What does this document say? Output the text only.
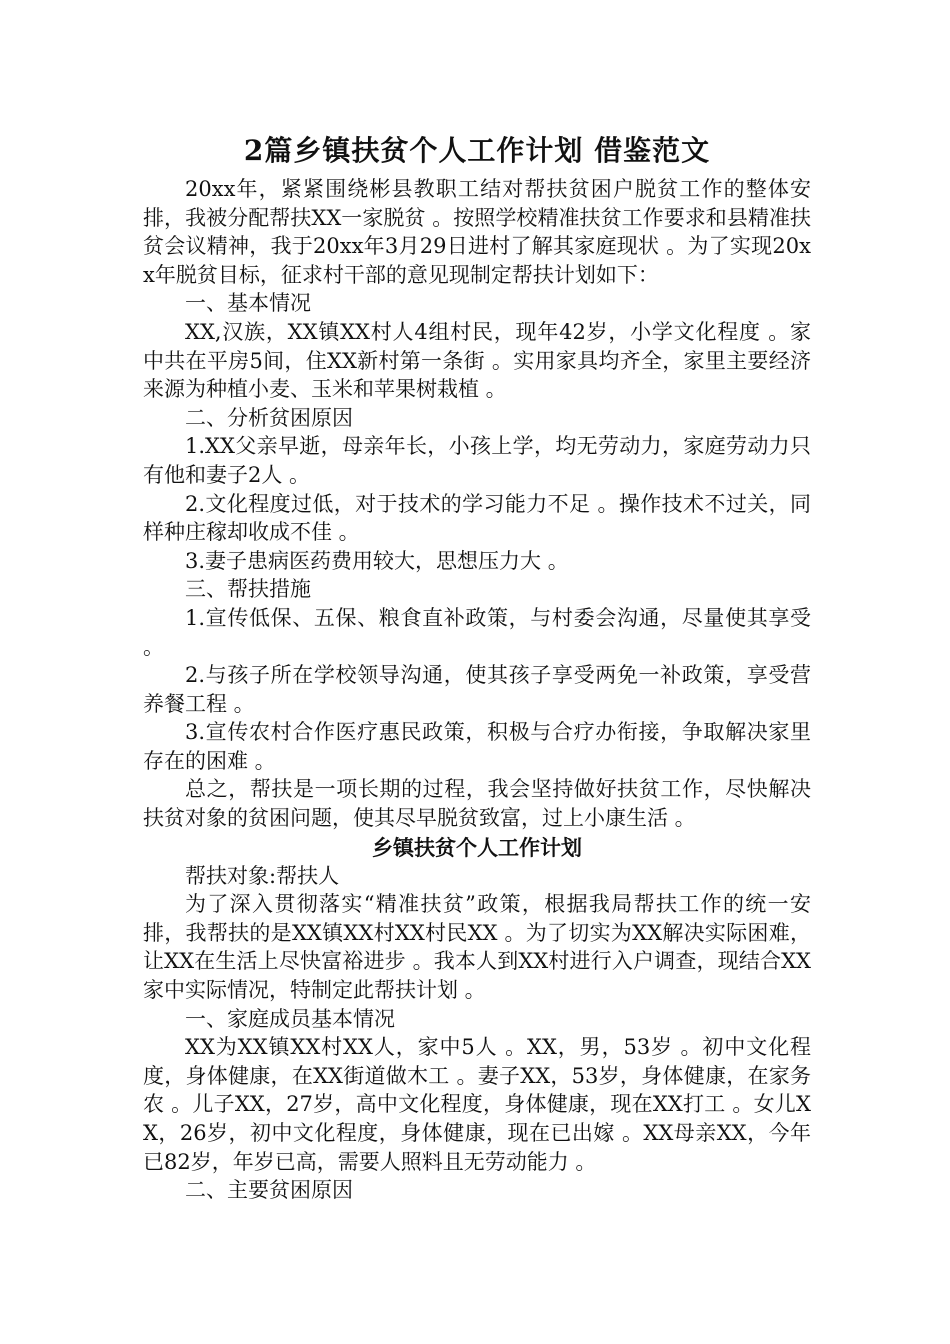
2篇乡镇扶贫个人工作计划 借鉴范文

20xx年，紧紧围绕彬县教职工结对帮扶贫困户脱贫工作的整体安排，我被分配帮扶XX一家脱贫 。按照学校精准扶贫工作要求和县精准扶贫会议精神，我于20xx年3月29日进村了解其家庭现状 。为了实现20xx年脱贫目标，征求村干部的意见现制定帮扶计划如下：

一、基本情况

XX,汉族，XX镇XX村人4组村民，现年42岁，小学文化程度 。家中共在平房5间，住XX新村第一条街 。实用家具均齐全，家里主要经济来源为种植小麦、玉米和苹果树栽植 。

二、分析贫困原因

1.XX父亲早逝，母亲年长，小孩上学，均无劳动力，家庭劳动力只有他和妻子2人 。

2.文化程度过低，对于技术的学习能力不足 。操作技术不过关，同样种庄稼却收成不佳 。

3.妻子患病医药费用较大，思想压力大 。

三、帮扶措施

1.宣传低保、五保、粮食直补政策，与村委会沟通，尽量使其享受 。

2.与孩子所在学校领导沟通，使其孩子享受两免一补政策，享受营养餐工程 。

3.宣传农村合作医疗惠民政策，积极与合疗办衔接，争取解决家里存在的困难 。

总之，帮扶是一项长期的过程，我会坚持做好扶贫工作，尽快解决扶贫对象的贫困问题，使其尽早脱贫致富，过上小康生活 。

乡镇扶贫个人工作计划

帮扶对象:帮扶人

为了深入贯彻落实“精准扶贫”政策，根据我局帮扶工作的统一安排，我帮扶的是XX镇XX村XX村民XX 。为了切实为XX解决实际困难，让XX在生活上尽快富裕进步 。我本人到XX村进行入户调查，现结合XX家中实际情况，特制定此帮扶计划 。

一、家庭成员基本情况

XX为XX镇XX村XX人，家中5人 。XX，男，53岁 。初中文化程度，身体健康，在XX街道做木工 。妻子XX，53岁，身体健康，在家务农 。儿子XX，27岁，高中文化程度，身体健康，现在XX打工 。女儿XX，26岁，初中文化程度，身体健康，现在已出嫁 。XX母亲XX，今年已82岁，年岁已高，需要人照料且无劳动能力 。

二、主要贫困原因
